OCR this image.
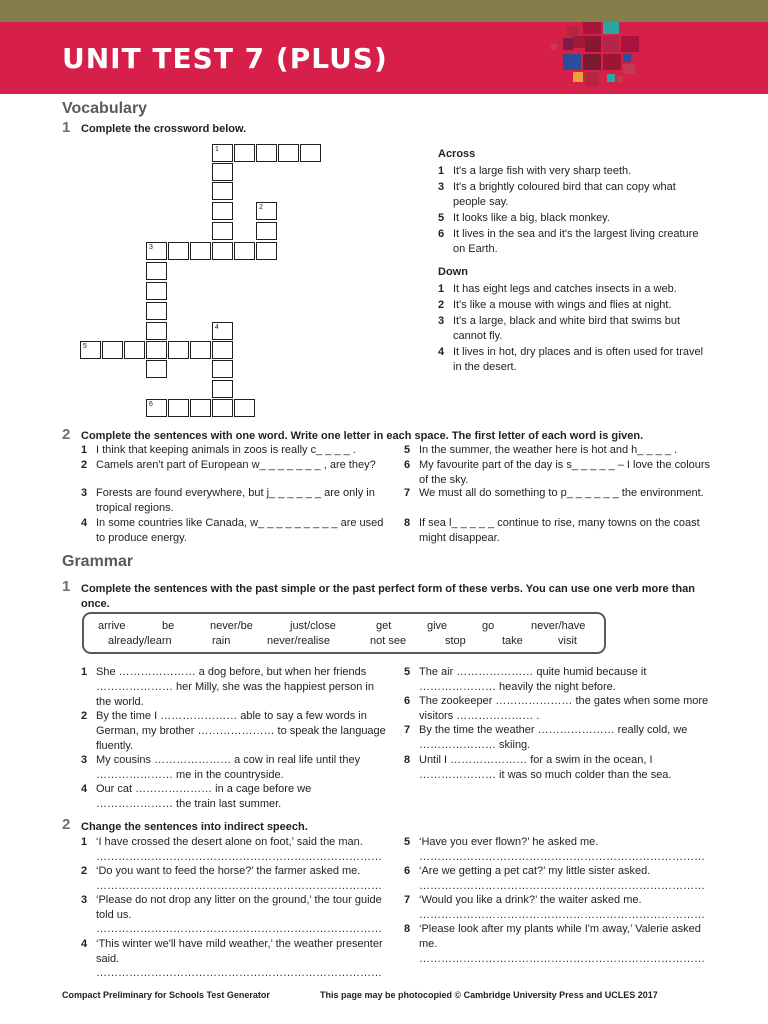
UNIT TEST 7 (PLUS)
Vocabulary
1 Complete the crossword below.
1
2
3
4
5
6
Across
1 It's a large fish with very sharp teeth.
3 It's a brightly coloured bird that can copy what people say.
5 It looks like a big, black monkey.
6 It lives in the sea and it's the largest living creature on Earth.
Down
1 It has eight legs and catches insects in a web.
2 It's like a mouse with wings and flies at night.
3 It's a large, black and white bird that swims but cannot fly.
4 It lives in hot, dry places and is often used for travel in the desert.
2 Complete the sentences with one word. Write one letter in each space. The first letter of each word is given.
1 I think that keeping animals in zoos is really c_ _ _ _ .
2 Camels aren't part of European w_ _ _ _ _ _ _ , are they?
3 Forests are found everywhere, but j_ _ _ _ _ _ are only in tropical regions.
4 In some countries like Canada, w_ _ _ _ _ _ _ _ _ are used to produce energy.
5 In the summer, the weather here is hot and h_ _ _ _ .
6 My favourite part of the day is s_ _ _ _ _ – I love the colours of the sky.
7 We must all do something to p_ _ _ _ _ _ the environment.
8 If sea l_ _ _ _ _ continue to rise, many towns on the coast might disappear.
Grammar
1 Complete the sentences with the past simple or the past perfect form of these verbs. You can use one verb more than once.
arrive	be	never/be	just/close	get	give	go	never/have
already/learn	rain	never/realise	not see	stop	take	visit
1 She ………………… a dog before, but when her friends ………………… her Milly, she was the happiest person in the world.
2 By the time I ………………… able to say a few words in German, my brother ………………… to speak the language fluently.
3 My cousins ………………… a cow in real life until they ………………… me in the countryside.
4 Our cat ………………… in a cage before we ………………… the train last summer.
5 The air ………………… quite humid because it ………………… heavily the night before.
6 The zookeeper ………………… the gates when some more visitors ………………… .
7 By the time the weather ………………… really cold, we ………………… skiing.
8 Until I ………………… for a swim in the ocean, I ………………… it was so much colder than the sea.
2 Change the sentences into indirect speech.
1 ‘I have crossed the desert alone on foot,’ said the man.
……………………………………………………………………
2 ‘Do you want to feed the horse?’ the farmer asked me.
……………………………………………………………………
3 ‘Please do not drop any litter on the ground,’ the tour guide told us.
……………………………………………………………………
4 ‘This winter we'll have mild weather,’ the weather presenter said.
……………………………………………………………………
5 ‘Have you ever flown?’ he asked me.
……………………………………………………………………
6 ‘Are we getting a pet cat?’ my little sister asked.
……………………………………………………………………
7 ‘Would you like a drink?’ the waiter asked me.
……………………………………………………………………
8 ‘Please look after my plants while I'm away,’ Valerie asked me.
……………………………………………………………………
Compact Preliminary for Schools Test Generator	This page may be photocopied © Cambridge University Press and UCLES 2017
